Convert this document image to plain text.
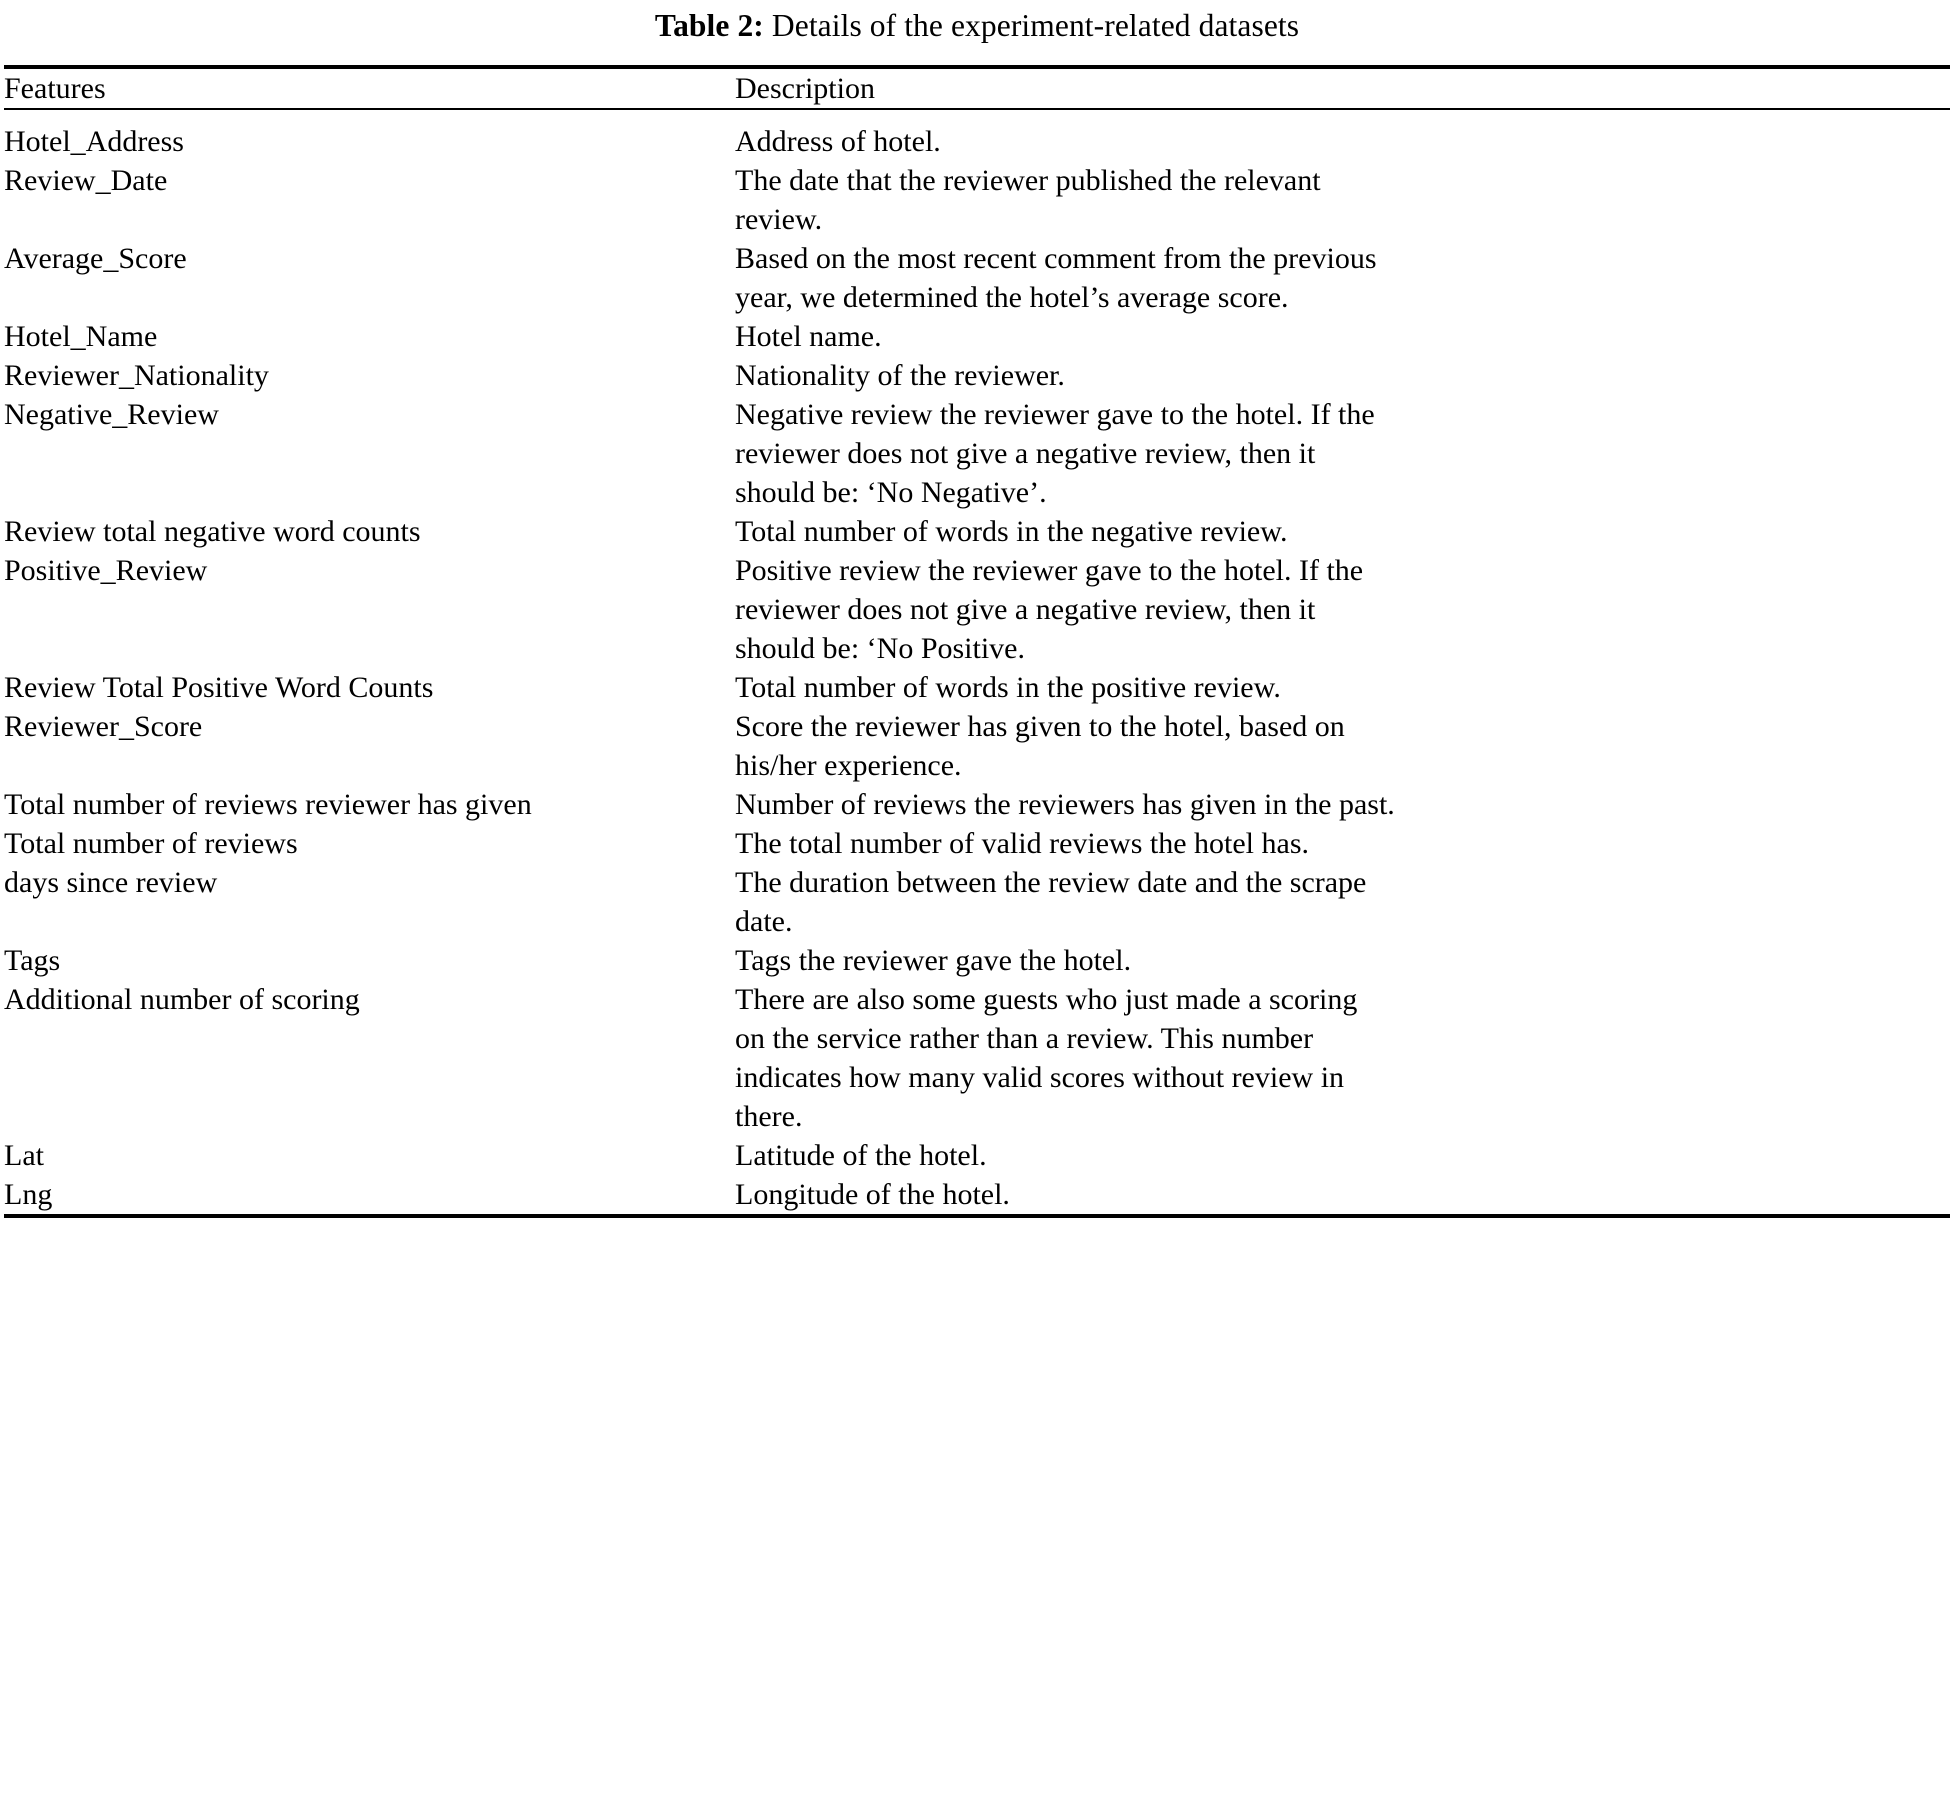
Table 2: Details of the experiment-related datasets
Features	Description
Hotel_Address	Address of hotel.

Review_Date	The date that the reviewer published the relevant
review.

Average_Score	Based on the most recent comment from the previous
year, we determined the hotel’s average score.

Hotel_Name	Hotel name.

Reviewer_Nationality	Nationality of the reviewer.

Negative_Review	Negative review the reviewer gave to the hotel. If the
reviewer does not give a negative review, then it
should be: ‘No Negative’.

Review total negative word counts	Total number of words in the negative review.

Positive_Review	Positive review the reviewer gave to the hotel. If the
reviewer does not give a negative review, then it
should be: ‘No Positive.

Review Total Positive Word Counts	Total number of words in the positive review.

Reviewer_Score	Score the reviewer has given to the hotel, based on
his/her experience.

Total number of reviews reviewer has given	Number of reviews the reviewers has given in the past.

Total number of reviews	The total number of valid reviews the hotel has.

days since review	The duration between the review date and the scrape
date.

Tags	Tags the reviewer gave the hotel.

Additional number of scoring	There are also some guests who just made a scoring
on the service rather than a review. This number
indicates how many valid scores without review in
there.

Lat	Latitude of the hotel.

Lng	Longitude of the hotel.
